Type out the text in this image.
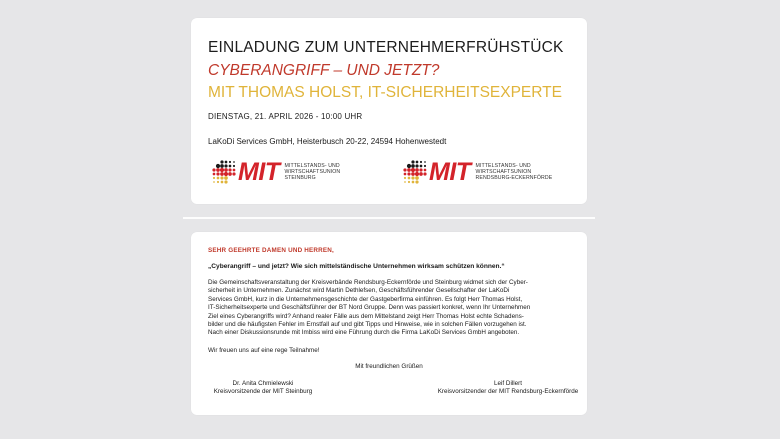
EINLADUNG ZUM UNTERNEHMERFRÜHSTÜCK
CYBERANGRIFF – UND JETZT?
MIT THOMAS HOLST, IT-SICHERHEITSEXPERTE
DIENSTAG, 21. APRIL 2026 - 10:00 UHR
LaKoDi Services GmbH, Heisterbusch 20-22, 24594 Hohenwestedt
MIT MITTELSTANDS- UND
WIRTSCHAFTSUNION
STEINBURG	MIT MITTELSTANDS- UND
WIRTSCHAFTSUNION
RENDSBURG-ECKERNFÖRDE
SEHR GEEHRTE DAMEN UND HERREN,
„Cyberangriff – und jetzt? Wie sich mittelständische Unternehmen wirksam schützen können.“
Die Gemeinschaftsveranstaltung der Kreisverbände Rendsburg-Eckernförde und Steinburg widmet sich der Cyber-
sicherheit in Unternehmen. Zunächst wird Martin Dethlefsen, Geschäftsführender Gesellschafter der LaKoDi
Services GmbH, kurz in die Unternehmensgeschichte der Gastgeberfirma einführen. Es folgt Herr Thomas Holst,
IT-Sicherheitsexperte und Geschäftsführer der BT Nord Gruppe. Denn was passiert konkret, wenn Ihr Unternehmen
Ziel eines Cyberangriffs wird? Anhand realer Fälle aus dem Mittelstand zeigt Herr Thomas Holst echte Schadens-
bilder und die häufigsten Fehler im Ernstfall auf und gibt Tipps und Hinweise, wie in solchen Fällen vorzugehen ist.
Nach einer Diskussionsrunde mit Imbiss wird eine Führung durch die Firma LaKoDi Services GmbH angeboten.
Wir freuen uns auf eine rege Teilnahme!
Mit freundlichen Grüßen
Dr. Anita Chmielewski
Kreisvorsitzende der MIT Steinburg
Leif Dillert
Kreisvorsitzender der MIT Rendsburg-Eckernförde
